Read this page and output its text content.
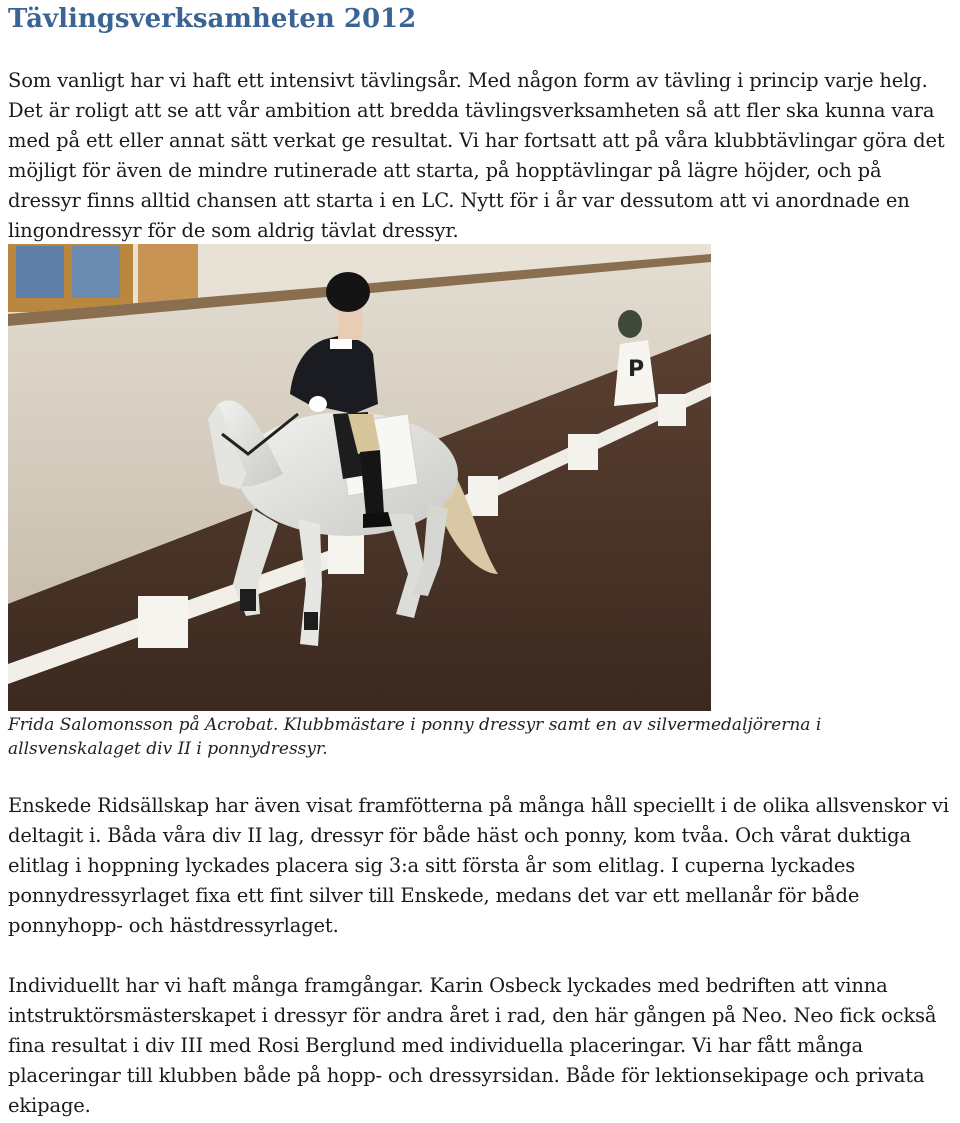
Tävlingsverksamheten 2012

Som vanligt har vi haft ett intensivt tävlingsår. Med någon form av tävling i princip varje helg. Det är roligt att se att vår ambition att bredda tävlingsverksamheten så att fler ska kunna vara med på ett eller annat sätt verkat ge resultat. Vi har fortsatt att på våra klubbtävlingar göra det möjligt för även de mindre rutinerade att starta, på hopptävlingar på lägre höjder, och på dressyr finns alltid chansen att starta i en LC. Nytt för i år var dessutom att vi anordnade en lingondressyr för de som aldrig tävlat dressyr.

P

Frida Salomonsson på Acrobat. Klubbmästare i ponny dressyr samt en av silvermedaljörerna i allsvenskalaget div II i ponnydressyr.

Enskede Ridsällskap har även visat framfötterna på många håll speciellt i de olika allsvenskor vi deltagit i. Båda våra div II lag, dressyr för både häst och ponny, kom tvåa. Och vårat duktiga elitlag i hoppning lyckades placera sig 3:a sitt första år som elitlag. I cuperna lyckades ponnydressyrlaget fixa ett fint silver till Enskede, medans det var ett mellanår för både ponnyhopp- och hästdressyrlaget.

Individuellt har vi haft många framgångar. Karin Osbeck lyckades med bedriften att vinna intstruktörsmästerskapet i dressyr för andra året i rad, den här gången på Neo. Neo fick också fina resultat i div III med Rosi Berglund med individuella placeringar. Vi har fått många placeringar till klubben både på hopp- och dressyrsidan. Både för lektionsekipage och privata ekipage.
